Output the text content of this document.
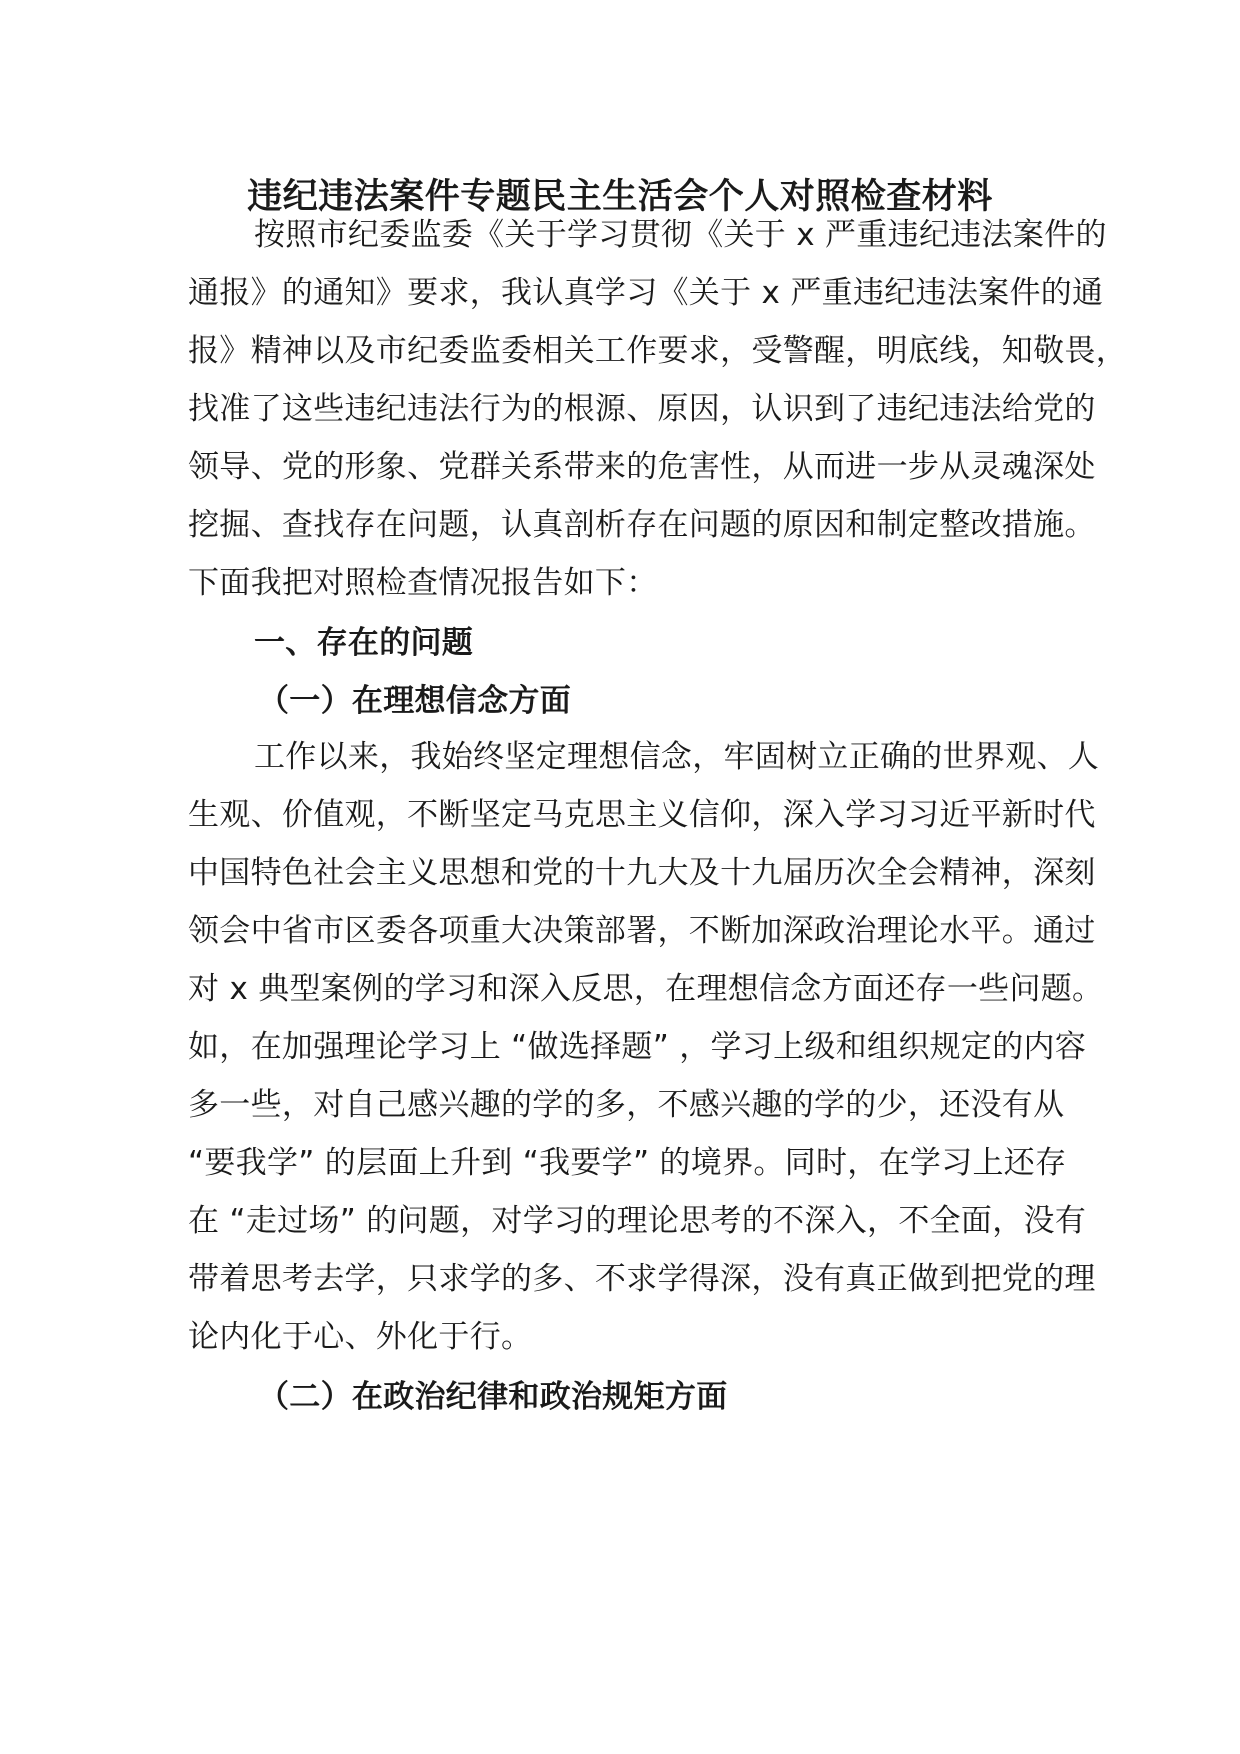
违纪违法案件专题民主生活会个人对照检查材料
按照市纪委监委《关于学习贯彻《关于 x 严重违纪违法案件的
通报》的通知》要求，我认真学习《关于 x 严重违纪违法案件的通
报》精神以及市纪委监委相关工作要求，受警醒，明底线，知敬畏，
找准了这些违纪违法行为的根源、原因，认识到了违纪违法给党的
领导、党的形象、党群关系带来的危害性，从而进一步从灵魂深处
挖掘、查找存在问题，认真剖析存在问题的原因和制定整改措施。
下面我把对照检查情况报告如下：
一、存在的问题
（一）在理想信念方面
工作以来，我始终坚定理想信念，牢固树立正确的世界观、人
生观、价值观，不断坚定马克思主义信仰，深入学习习近平新时代
中国特色社会主义思想和党的十九大及十九届历次全会精神，深刻
领会中省市区委各项重大决策部署，不断加深政治理论水平。通过
对 x 典型案例的学习和深入反思，在理想信念方面还存一些问题。
如，在加强理论学习上 “做选择题” ，学习上级和组织规定的内容
多一些，对自己感兴趣的学的多，不感兴趣的学的少，还没有从
“要我学” 的层面上升到 “我要学” 的境界。同时，在学习上还存
在 “走过场” 的问题，对学习的理论思考的不深入，不全面，没有
带着思考去学，只求学的多、不求学得深，没有真正做到把党的理
论内化于心、外化于行。
（二）在政治纪律和政治规矩方面
